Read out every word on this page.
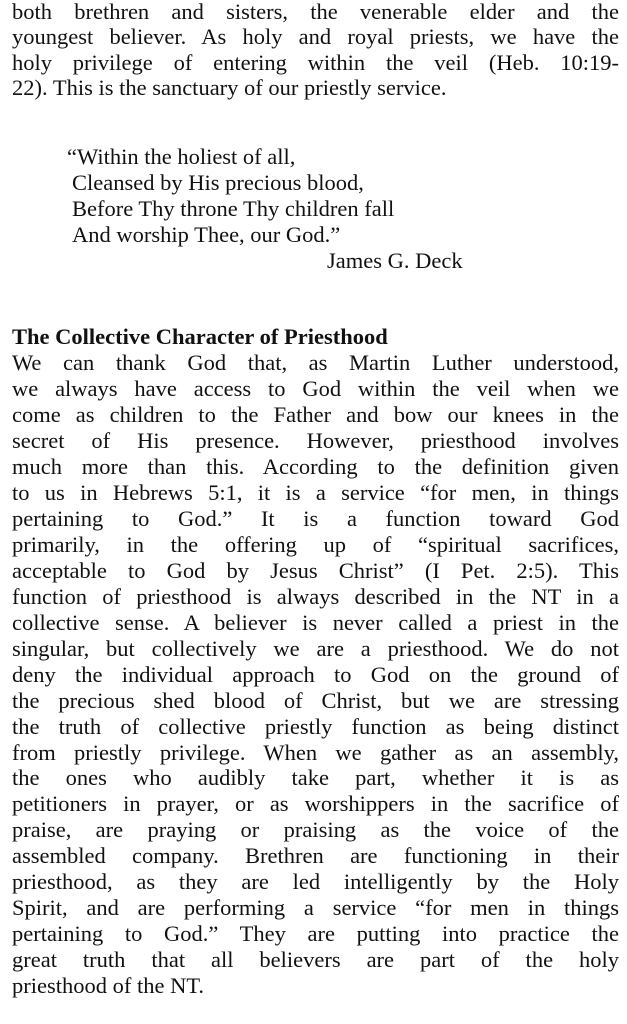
both brethren and sisters, the venerable elder and the
youngest believer. As holy and royal priests, we have the
holy privilege of entering within the veil (Heb. 10:19-
22). This is the sanctuary of our priestly service.
“Within the holiest of all,
Cleansed by His precious blood,
Before Thy throne Thy children fall
And worship Thee, our God.”
James G. Deck
The Collective Character of Priesthood
We can thank God that, as Martin Luther understood,
we always have access to God within the veil when we
come as children to the Father and bow our knees in the
secret of His presence. However, priesthood involves
much more than this. According to the definition given
to us in Hebrews 5:1, it is a service “for men, in things
pertaining to God.” It is a function toward God
primarily, in the offering up of “spiritual sacrifices,
acceptable to God by Jesus Christ” (I Pet. 2:5). This
function of priesthood is always described in the NT in a
collective sense. A believer is never called a priest in the
singular, but collectively we are a priesthood. We do not
deny the individual approach to God on the ground of
the precious shed blood of Christ, but we are stressing
the truth of collective priestly function as being distinct
from priestly privilege. When we gather as an assembly,
the ones who audibly take part, whether it is as
petitioners in prayer, or as worshippers in the sacrifice of
praise, are praying or praising as the voice of the
assembled company. Brethren are functioning in their
priesthood, as they are led intelligently by the Holy
Spirit, and are performing a service “for men in things
pertaining to God.” They are putting into practice the
great truth that all believers are part of the holy
priesthood of the NT.
